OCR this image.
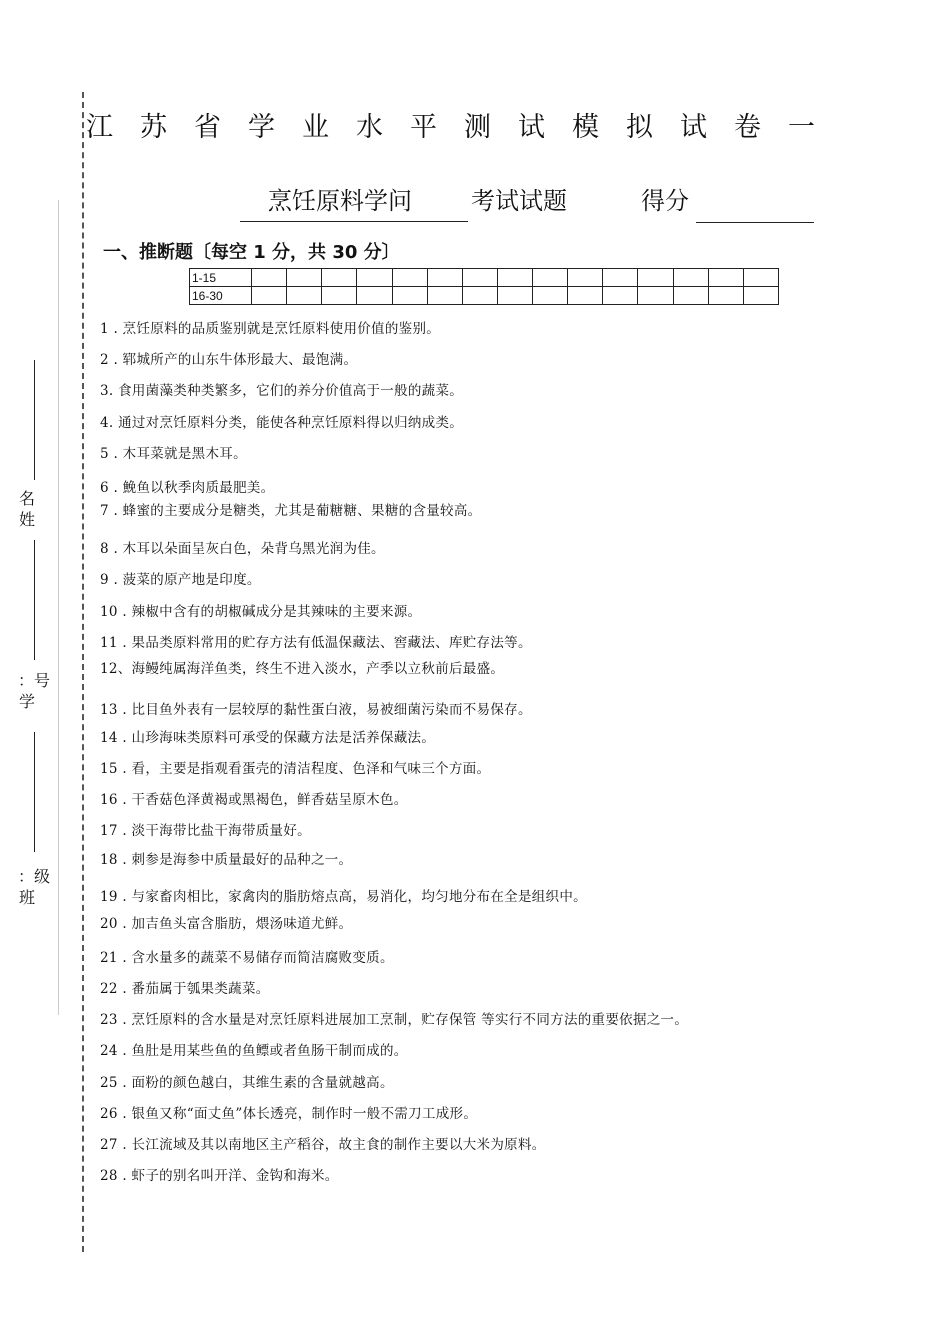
名
姓
：号
学
：级
班
江苏省学业水平测试模拟试卷一
烹饪原料学问	考试试题	得分
一、推断题〔每空 1 分，共 30 分〕
1-15															
16-30															
1 . 烹饪原料的品质鉴别就是烹饪原料使用价值的鉴别。
2 . 郓城所产的山东牛体形最大、最饱满。
3. 食用菌藻类种类繁多，它们的养分价值高于一般的蔬菜。
4. 通过对烹饪原料分类，能使各种烹饪原料得以归纳成类。
5 . 木耳菜就是黑木耳。
6 . 鮸鱼以秋季肉质最肥美。
7 . 蜂蜜的主要成分是糖类，尤其是葡糖糖、果糖的含量较高。
8 . 木耳以朵面呈灰白色，朵背乌黑光润为佳。
9 . 菠菜的原产地是印度。
10 . 辣椒中含有的胡椒碱成分是其辣味的主要来源。
11 . 果品类原料常用的贮存方法有低温保藏法、窖藏法、库贮存法等。
12、海鳗纯属海洋鱼类，终生不进入淡水，产季以立秋前后最盛。
13 . 比目鱼外表有一层较厚的黏性蛋白液，易被细菌污染而不易保存。
14 . 山珍海味类原料可承受的保藏方法是活养保藏法。
15 . 看，主要是指观看蛋壳的清洁程度、色泽和气味三个方面。
16 . 干香菇色泽黄褐或黑褐色，鲜香菇呈原木色。
17 . 淡干海带比盐干海带质量好。
18 . 刺参是海参中质量最好的品种之一。
19 . 与家畜肉相比，家禽肉的脂肪熔点高，易消化，均匀地分布在全是组织中。
20 . 加吉鱼头富含脂肪，煨汤味道尤鲜。
21 . 含水量多的蔬菜不易储存而简洁腐败变质。
22 . 番茄属于瓠果类蔬菜。
23 . 烹饪原料的含水量是对烹饪原料进展加工烹制，贮存保管 等实行不同方法的重要依据之一。
24 . 鱼肚是用某些鱼的鱼鳔或者鱼肠干制而成的。
25 . 面粉的颜色越白，其维生素的含量就越高。
26 . 银鱼又称“面丈鱼”体长透亮，制作时一般不需刀工成形。
27 . 长江流域及其以南地区主产稻谷，故主食的制作主要以大米为原料。
28 . 虾子的别名叫开洋、金钩和海米。
